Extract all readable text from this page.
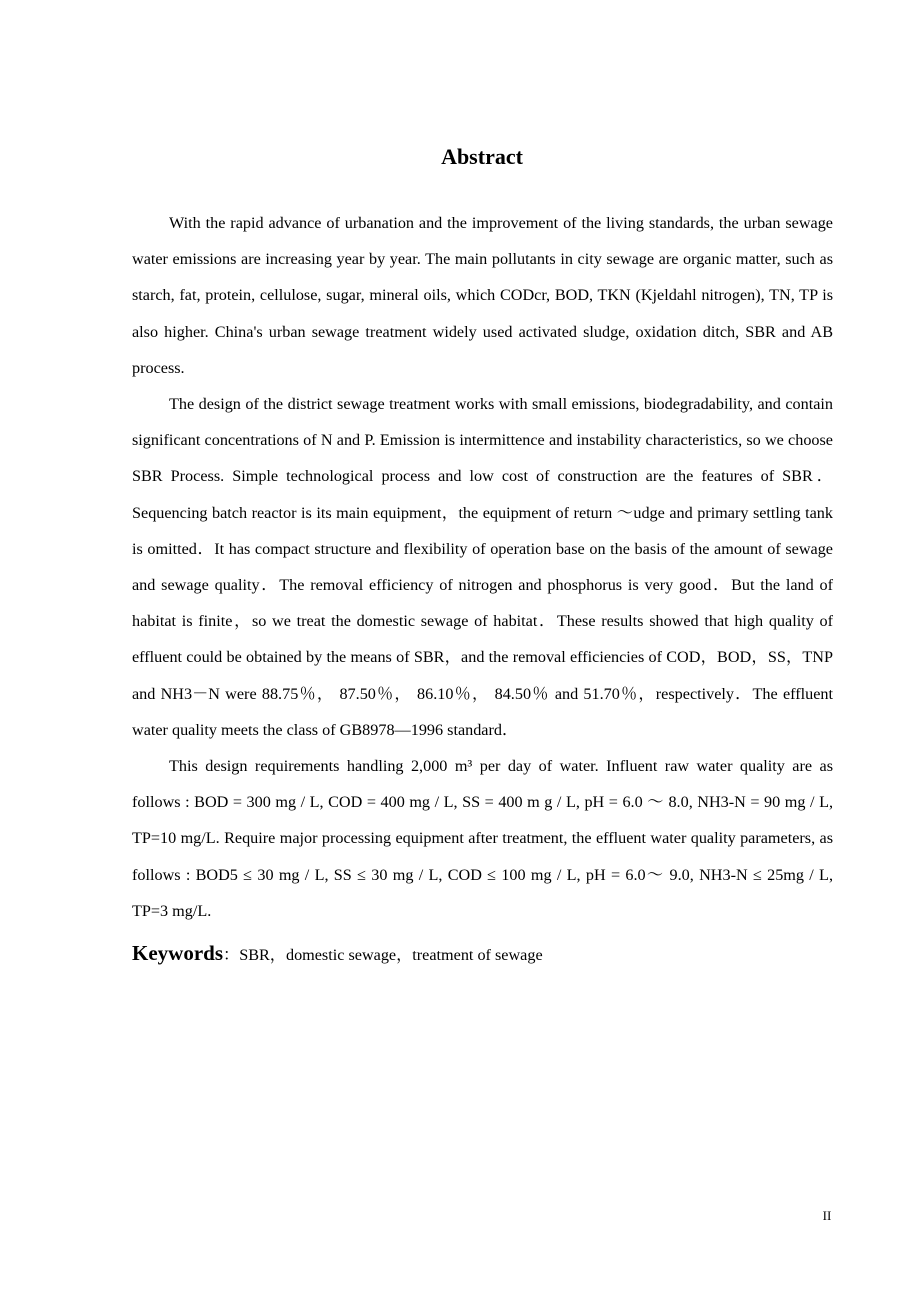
Abstract

With the rapid advance of urbanation and the improvement of the living standards, the urban sewage water emissions are increasing year by year. The main pollutants in city sewage are organic matter, such as starch, fat, protein, cellulose, sugar, mineral oils, which CODcr, BOD, TKN (Kjeldahl nitrogen), TN, TP is also higher. China's urban sewage treatment widely used activated sludge, oxidation ditch, SBR and AB process.

The design of the district sewage treatment works with small emissions, biodegradability, and contain significant concentrations of N and P. Emission is intermittence and instability characteristics, so we choose SBR Process. Simple technological process and low cost of construction are the features of SBR．Sequencing batch reactor is its main equipment，the equipment of return ～udge and primary settling tank is omitted．It has compact structure and flexibility of operation base on the basis of the amount of sewage and sewage quality．The removal efficiency of nitrogen and phosphorus is very good．But the land of habitat is finite，so we treat the domestic sewage of habitat．These results showed that high quality of effluent could be obtained by the means of SBR，and the removal efficiencies of COD，BOD，SS，TNP and NH3－N were 88.75％， 87.50％， 86.10％， 84.50％ and 51.70％，respectively．The effluent water quality meets the class of GB8978—1996 standard．

This design requirements handling 2,000 m³ per day of water. Influent raw water quality are as follows : BOD = 300 mg / L, COD = 400 mg / L, SS = 400 m g / L, pH = 6.0 ～ 8.0, NH3-N = 90 mg / L, TP=10 mg/L. Require major processing equipment after treatment, the effluent water quality parameters, as follows : BOD5 ≤ 30 mg / L, SS ≤ 30 mg / L, COD ≤ 100 mg / L, pH = 6.0～ 9.0, NH3-N ≤ 25mg / L, TP=3 mg/L.

Keywords：SBR，domestic sewage，treatment of sewage

II
